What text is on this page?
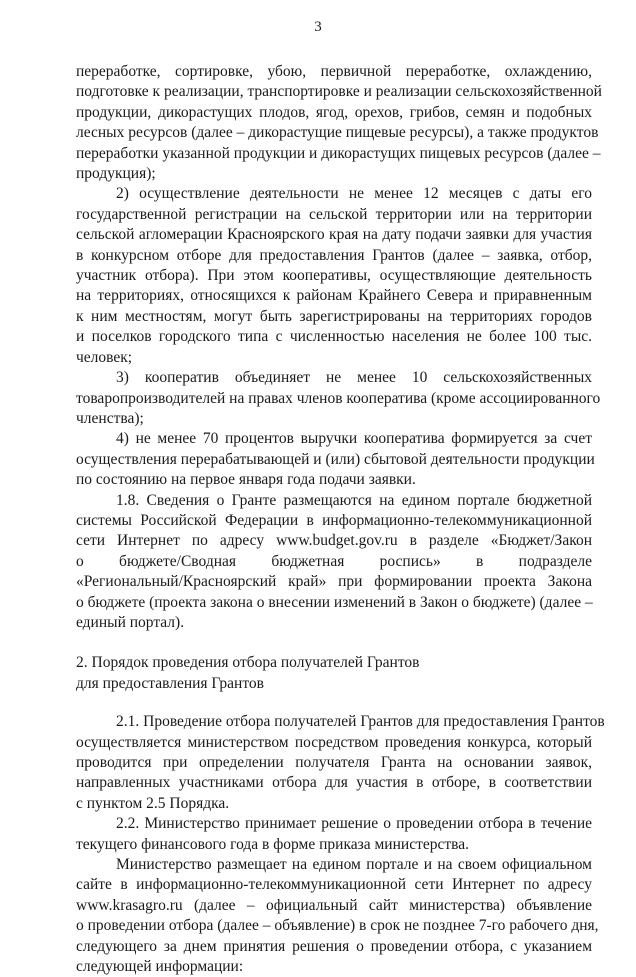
3

переработке, сортировке, убою, первичной переработке, охлаждению,
подготовке к реализации, транспортировке и реализации сельскохозяйственной
продукции, дикорастущих плодов, ягод, орехов, грибов, семян и подобных
лесных ресурсов (далее – дикорастущие пищевые ресурсы), а также продуктов
переработки указанной продукции и дикорастущих пищевых ресурсов (далее –
продукция);

2) осуществление деятельности не менее 12 месяцев с даты его
государственной регистрации на сельской территории или на территории
сельской агломерации Красноярского края на дату подачи заявки для участия
в конкурсном отборе для предоставления Грантов (далее – заявка, отбор,
участник отбора). При этом кооперативы, осуществляющие деятельность
на территориях, относящихся к районам Крайнего Севера и приравненным
к ним местностям, могут быть зарегистрированы на территориях городов
и поселков городского типа с численностью населения не более 100 тыс.
человек;

3) кооператив объединяет не менее 10 сельскохозяйственных
товаропроизводителей на правах членов кооператива (кроме ассоциированного
членства);

4) не менее 70 процентов выручки кооператива формируется за счет
осуществления перерабатывающей и (или) сбытовой деятельности продукции
по состоянию на первое января года подачи заявки.

1.8. Сведения о Гранте размещаются на едином портале бюджетной
системы Российской Федерации в информационно-телекоммуникационной
сети Интернет по адресу www.budget.gov.ru в разделе «Бюджет/Закон
о бюджете/Сводная бюджетная роспись» в подразделе
«Региональный/Красноярский край» при формировании проекта Закона
о бюджете (проекта закона о внесении изменений в Закон о бюджете) (далее –
единый портал).

2. Порядок проведения отбора получателей Грантов
для предоставления Грантов

2.1. Проведение отбора получателей Грантов для предоставления Грантов
осуществляется министерством посредством проведения конкурса, который
проводится при определении получателя Гранта на основании заявок,
направленных участниками отбора для участия в отборе, в соответствии
с пунктом 2.5 Порядка.

2.2. Министерство принимает решение о проведении отбора в течение
текущего финансового года в форме приказа министерства.

Министерство размещает на едином портале и на своем официальном
сайте в информационно-телекоммуникационной сети Интернет по адресу
www.krasagro.ru (далее – официальный сайт министерства) объявление
о проведении отбора (далее – объявление) в срок не позднее 7-го рабочего дня,
следующего за днем принятия решения о проведении отбора, с указанием
следующей информации:
